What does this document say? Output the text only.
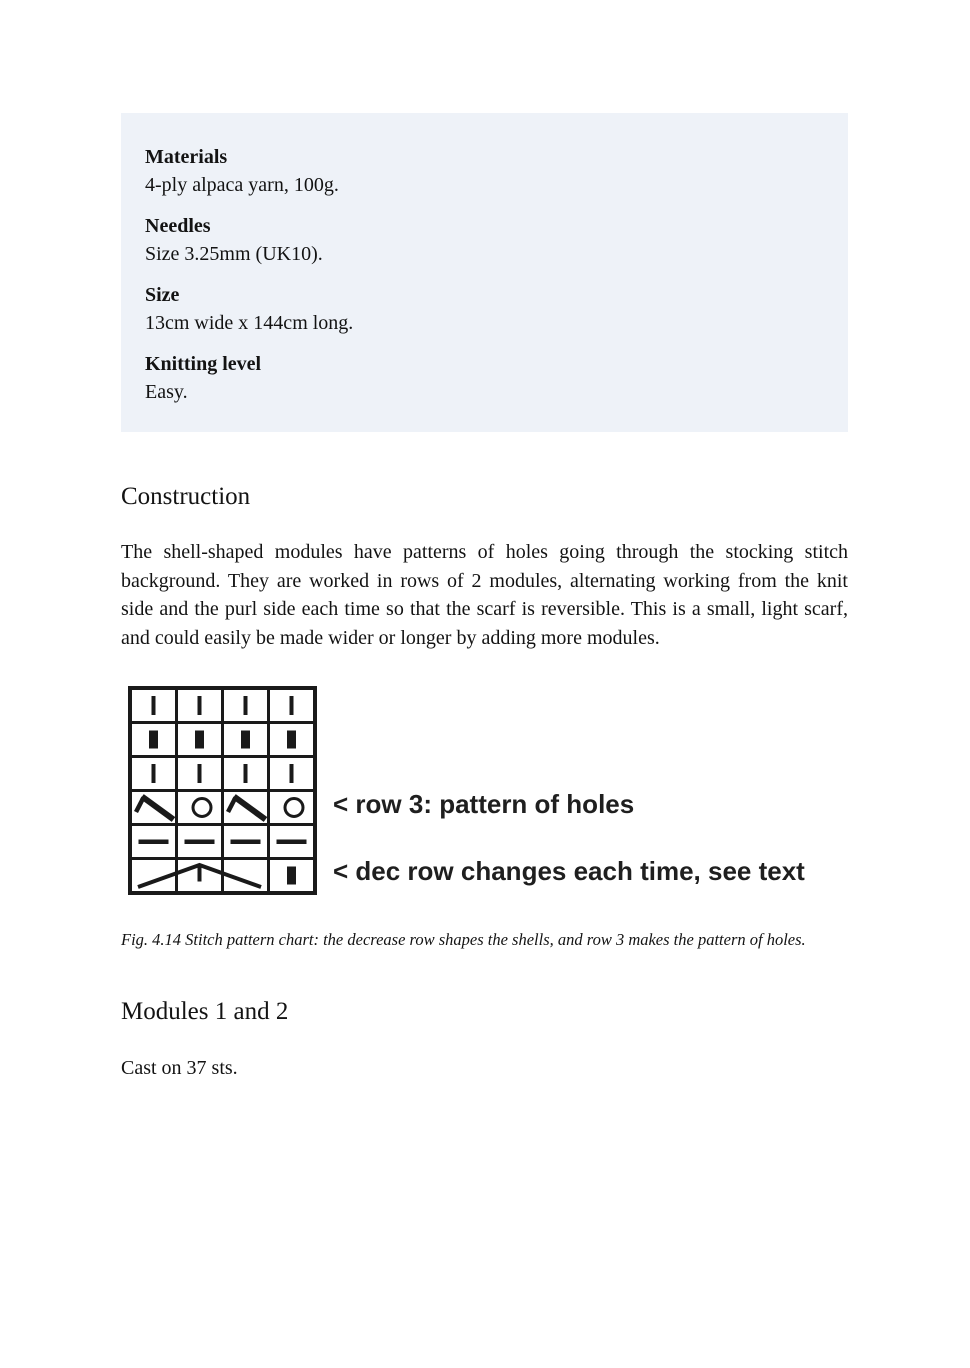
Materials
4-ply alpaca yarn, 100g.
Needles
Size 3.25mm (UK10).
Size
13cm wide x 144cm long.
Knitting level
Easy.
Construction

The shell-shaped modules have patterns of holes going through the stocking stitch background. They are worked in rows of 2 modules, alternating working from the knit side and the purl side each time so that the scarf is reversible. This is a small, light scarf, and could easily be made wider or longer by adding more modules.

< row 3: pattern of holes
< dec row changes each time, see text

Fig. 4.14 Stitch pattern chart: the decrease row shapes the shells, and row 3 makes the pattern of holes.

Modules 1 and 2

Cast on 37 sts.
